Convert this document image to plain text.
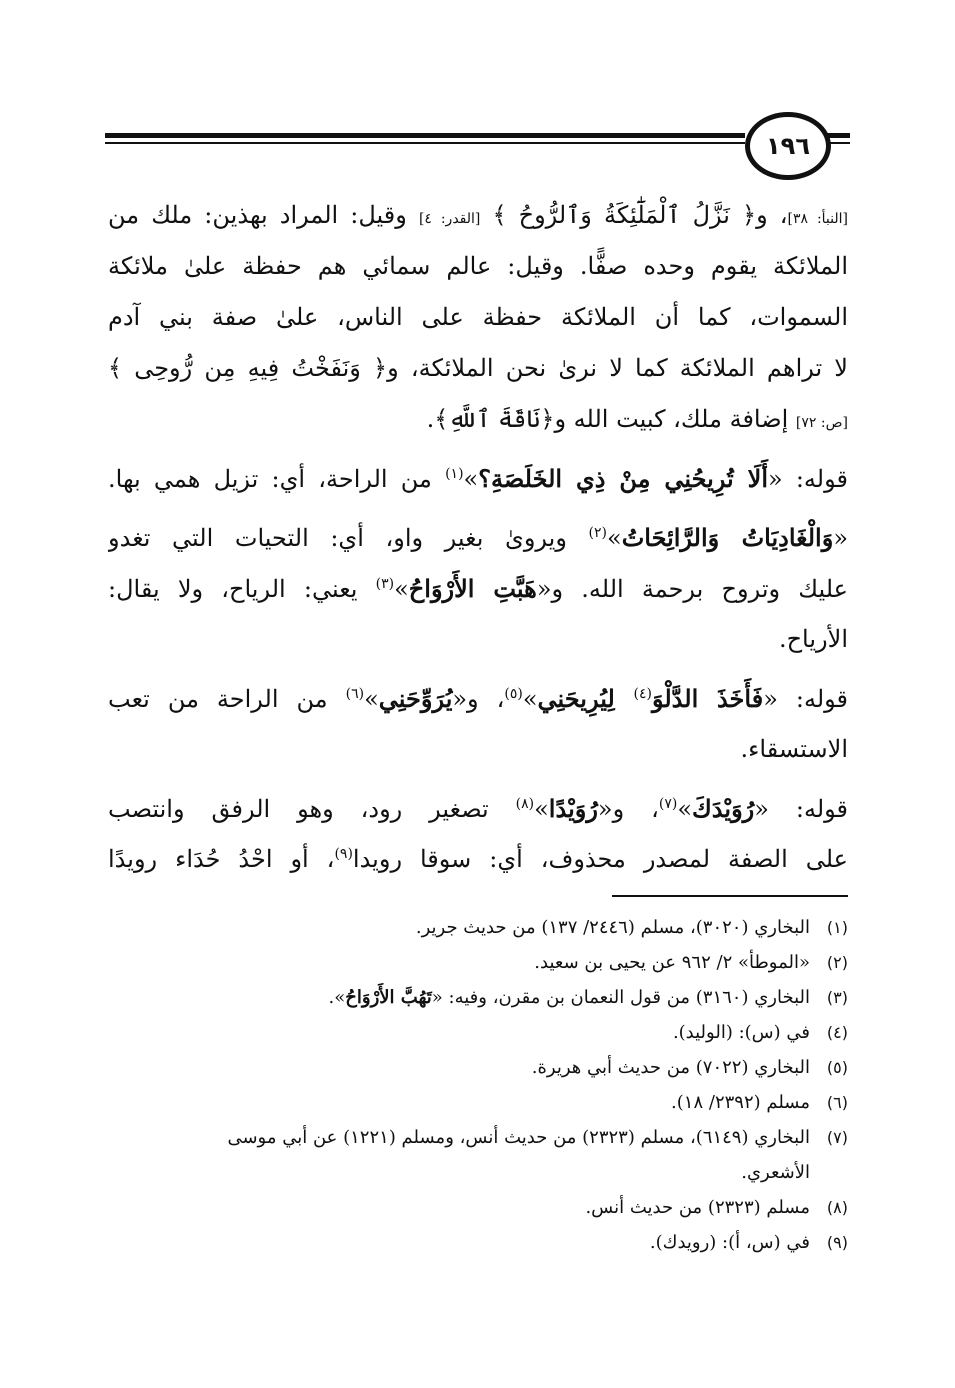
١٩٦
[النبأ: ٣٨]، و﴿ نَزَّلُ ٱلْمَلَٰٓئِكَةُ وَٱلرُّوحُ ﴾ [القدر: ٤] وقيل: المراد بهذين: ملك من
الملائكة يقوم وحده صفًّا. وقيل: عالم سمائي هم حفظة علىٰ ملائكة
السموات، كما أن الملائكة حفظة على الناس، علىٰ صفة بني آدم
لا تراهم الملائكة كما لا نرىٰ نحن الملائكة، و﴿ وَنَفَخْتُ فِيهِ مِن رُّوحِى ﴾
[ص: ٧٢] إضافة ملك، كبيت الله و﴿نَاقَةَ ٱللَّهِ﴾.
قوله: «أَلَا تُرِيحُنِي مِنْ ذِي الخَلَصَةِ؟»$^{(١)}$ من الراحة، أي: تزيل همي بها.
«وَالْغَادِيَاتُ وَالرَّائِحَاتُ»$^{(٢)}$ ويروىٰ بغير واو، أي: التحيات التي تغدو
عليك وتروح برحمة الله. و«هَبَّتِ الأَرْوَاحُ»$^{(٣)}$ يعني: الرياح، ولا يقال:
الأرياح.
قوله: «فَأَخَذَ الدَّلْوَ$^{(٤)}$ لِيُرِيحَنِي»$^{(٥)}$، و«يُرَوِّحَنِي»$^{(٦)}$ من الراحة من تعب
الاستسقاء.
قوله: «رُوَيْدَكَ»$^{(٧)}$، و«رُوَيْدًا»$^{(٨)}$ تصغير رود، وهو الرفق وانتصب
على الصفة لمصدر محذوف، أي: سوقا رويدا$^{(٩)}$، أو احْدُ حُدَاء رويدًا
(١)
البخاري (٣٠٢٠)، مسلم (٢٤٤٦/ ١٣٧) من حديث جرير.
(٢)
«الموطأ» ٢/ ٩٦٢ عن يحيى بن سعيد.
(٣)
البخاري (٣١٦٠) من قول النعمان بن مقرن، وفيه: «تَهُبَّ الأَرْوَاحُ».
(٤)
في (س): (الوليد).
(٥)
البخاري (٧٠٢٢) من حديث أبي هريرة.
(٦)
مسلم (٢٣٩٢/ ١٨).
(٧)
البخاري (٦١٤٩)، مسلم (٢٣٢٣) من حديث أنس، ومسلم (١٢٢١) عن أبي موسى
الأشعري.
(٨)
مسلم (٢٣٢٣) من حديث أنس.
(٩)
في (س، أ): (رويدك).
